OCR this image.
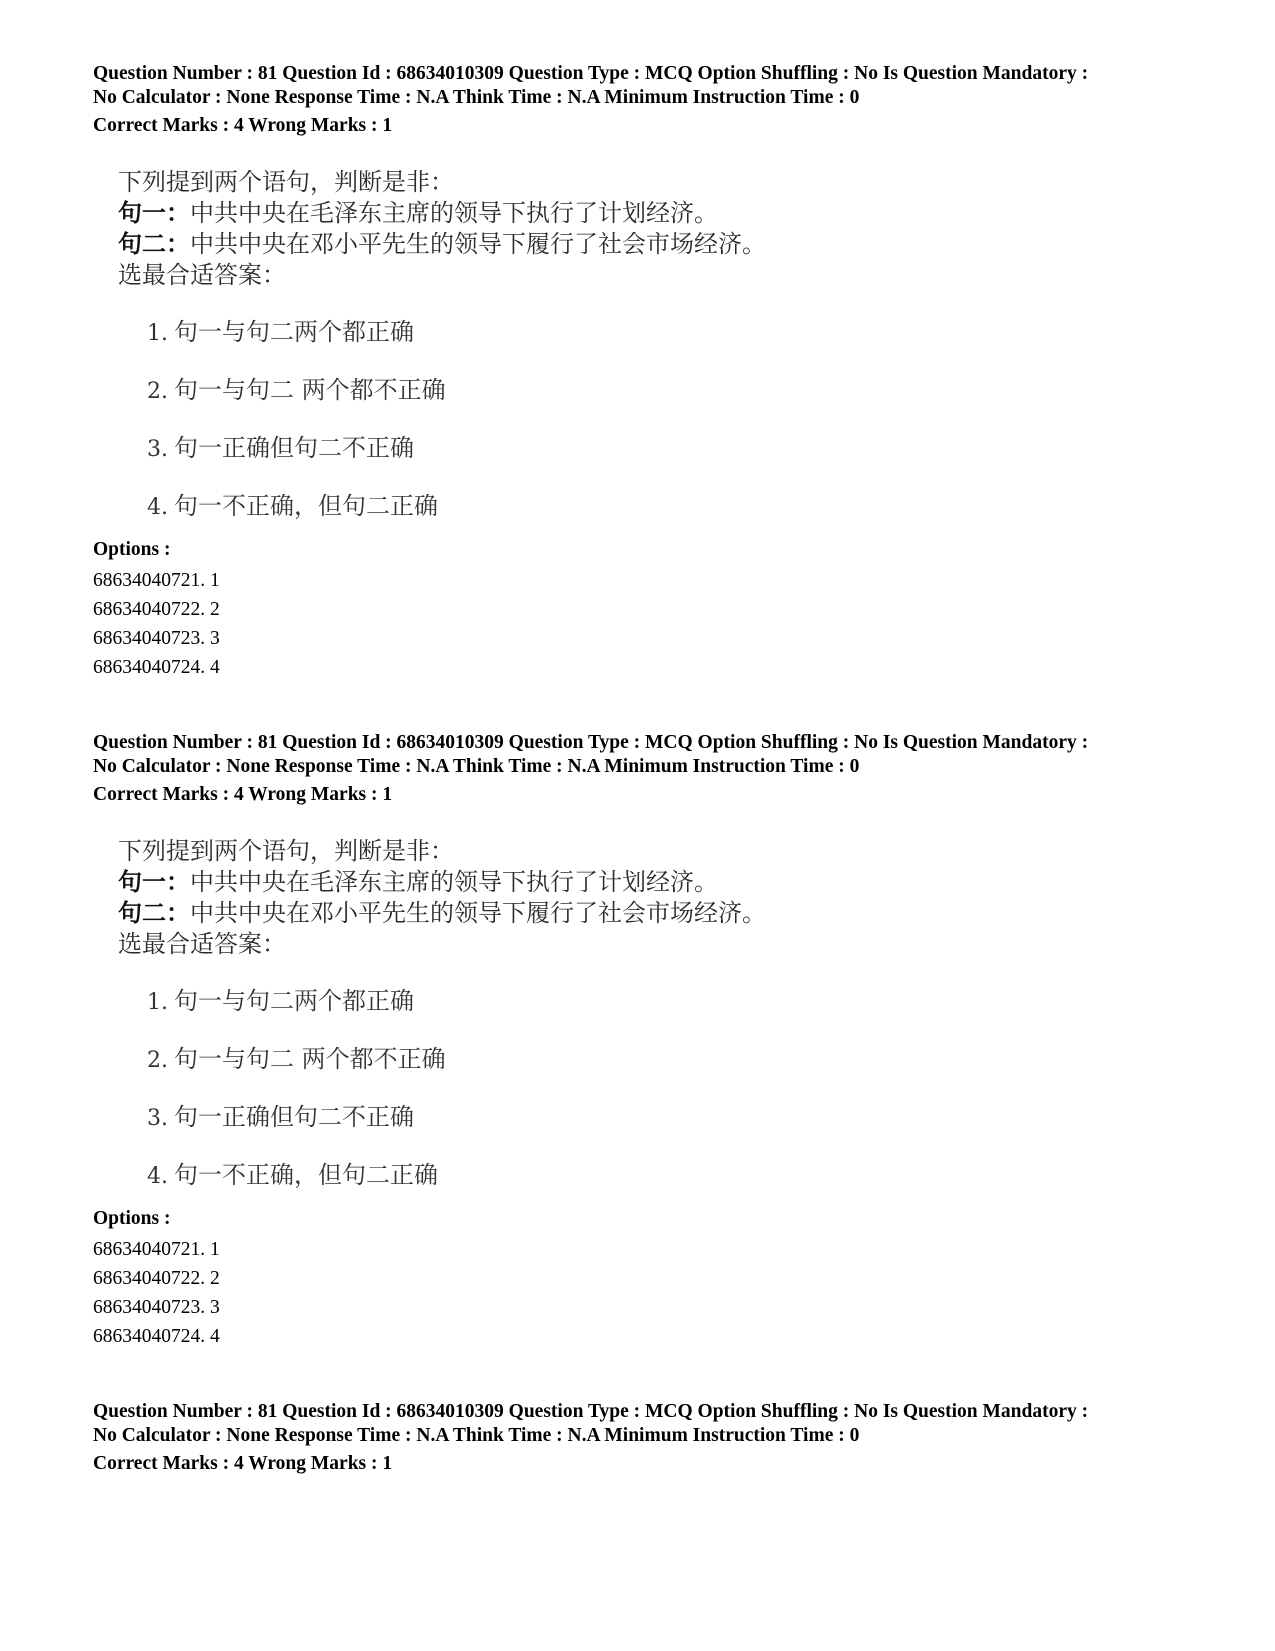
Question Number : 81 Question Id : 68634010309 Question Type : MCQ Option Shuffling : No Is Question Mandatory :

No Calculator : None Response Time : N.A Think Time : N.A Minimum Instruction Time : 0

Correct Marks : 4 Wrong Marks : 1

下列提到两个语句，判断是非：
句一：中共中央在毛泽东主席的领导下执行了计划经济。
句二：中共中央在邓小平先生的领导下履行了社会市场经济。
选最合适答案：
1. 句一与句二两个都正确
2. 句一与句二 两个都不正确
3. 句一正确但句二不正确
4. 句一不正确，但句二正确

Options :

68634040721. 1

68634040722. 2

68634040723. 3

68634040724. 4

Question Number : 81 Question Id : 68634010309 Question Type : MCQ Option Shuffling : No Is Question Mandatory :

No Calculator : None Response Time : N.A Think Time : N.A Minimum Instruction Time : 0

Correct Marks : 4 Wrong Marks : 1

下列提到两个语句，判断是非：
句一：中共中央在毛泽东主席的领导下执行了计划经济。
句二：中共中央在邓小平先生的领导下履行了社会市场经济。
选最合适答案：
1. 句一与句二两个都正确
2. 句一与句二 两个都不正确
3. 句一正确但句二不正确
4. 句一不正确，但句二正确

Options :

68634040721. 1

68634040722. 2

68634040723. 3

68634040724. 4

Question Number : 81 Question Id : 68634010309 Question Type : MCQ Option Shuffling : No Is Question Mandatory :

No Calculator : None Response Time : N.A Think Time : N.A Minimum Instruction Time : 0

Correct Marks : 4 Wrong Marks : 1
